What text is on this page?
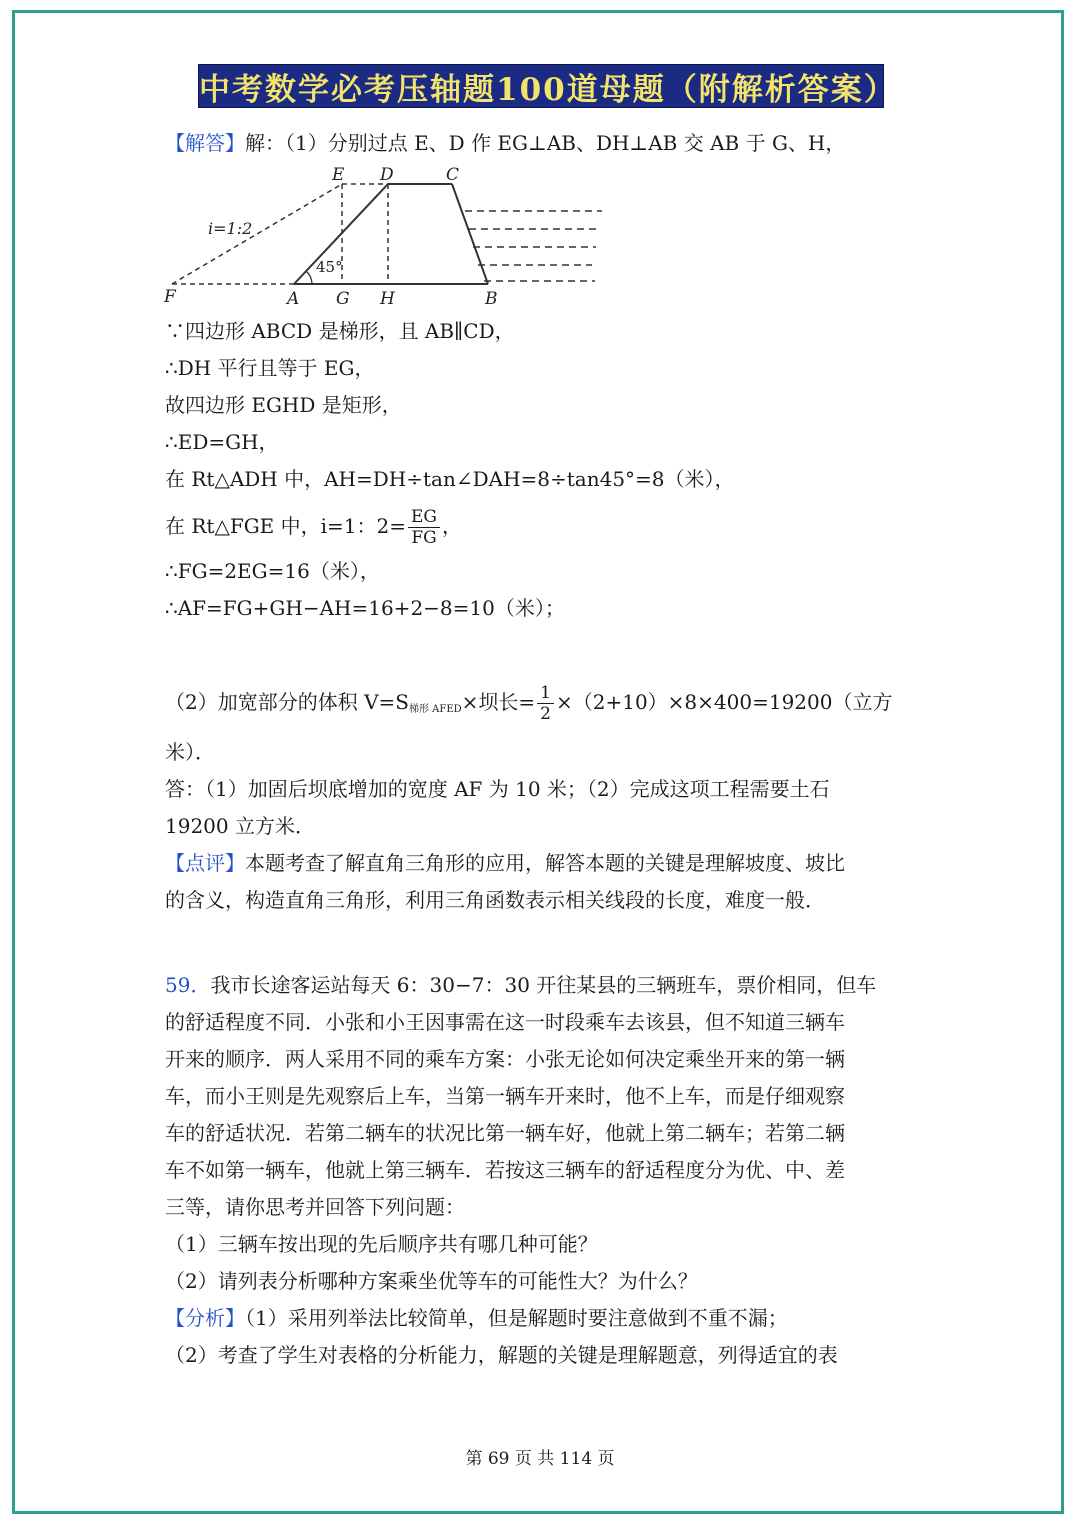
中考数学必考压轴题100道母题（附解析答案）
【解答】解：（1）分别过点 E、D 作 EG⊥AB、DH⊥AB 交 AB 于 G、H，
E D	C
i=1:2
45°
F	A G H	B
∵四边形 ABCD 是梯形，且 AB∥CD，
∴DH 平行且等于 EG，
故四边形 EGHD 是矩形，
∴ED=GH，
在 Rt△ADH 中，AH=DH÷tan∠DAH=8÷tan45°=8（米），
在 Rt△FGE 中，i=1：$2= \frac{EG}{FG}$ ，
∴FG=2EG=16（米），
∴AF=FG+GH−AH=16+2−8=10（米）；
（2）加宽部分的体积 $V=S_{梯形 AFED}\times$坝长= $\frac{1}{2} \times(2+10)\times 8\times 400=19200$（立方
米）．
答：（1）加固后坝底增加的宽度 AF 为 10 米；（2）完成这项工程需要土石
19200 立方米．
【点评】本题考查了解直角三角形的应用，解答本题的关键是理解坡度、坡比
的含义，构造直角三角形，利用三角函数表示相关线段的长度，难度一般．
59．我市长途客运站每天 6：30−7：30 开往某县的三辆班车，票价相同，但车
的舒适程度不同．小张和小王因事需在这一时段乘车去该县，但不知道三辆车
开来的顺序．两人采用不同的乘车方案：小张无论如何决定乘坐开来的第一辆
车，而小王则是先观察后上车，当第一辆车开来时，他不上车，而是仔细观察
车的舒适状况．若第二辆车的状况比第一辆车好，他就上第二辆车；若第二辆
车不如第一辆车，他就上第三辆车．若按这三辆车的舒适程度分为优、中、差
三等，请你思考并回答下列问题：
（1）三辆车按出现的先后顺序共有哪几种可能？
（2）请列表分析哪种方案乘坐优等车的可能性大？为什么？
【分析】（1）采用列举法比较简单，但是解题时要注意做到不重不漏；
（2）考查了学生对表格的分析能力，解题的关键是理解题意，列得适宜的表
第 69 页 共 114 页
